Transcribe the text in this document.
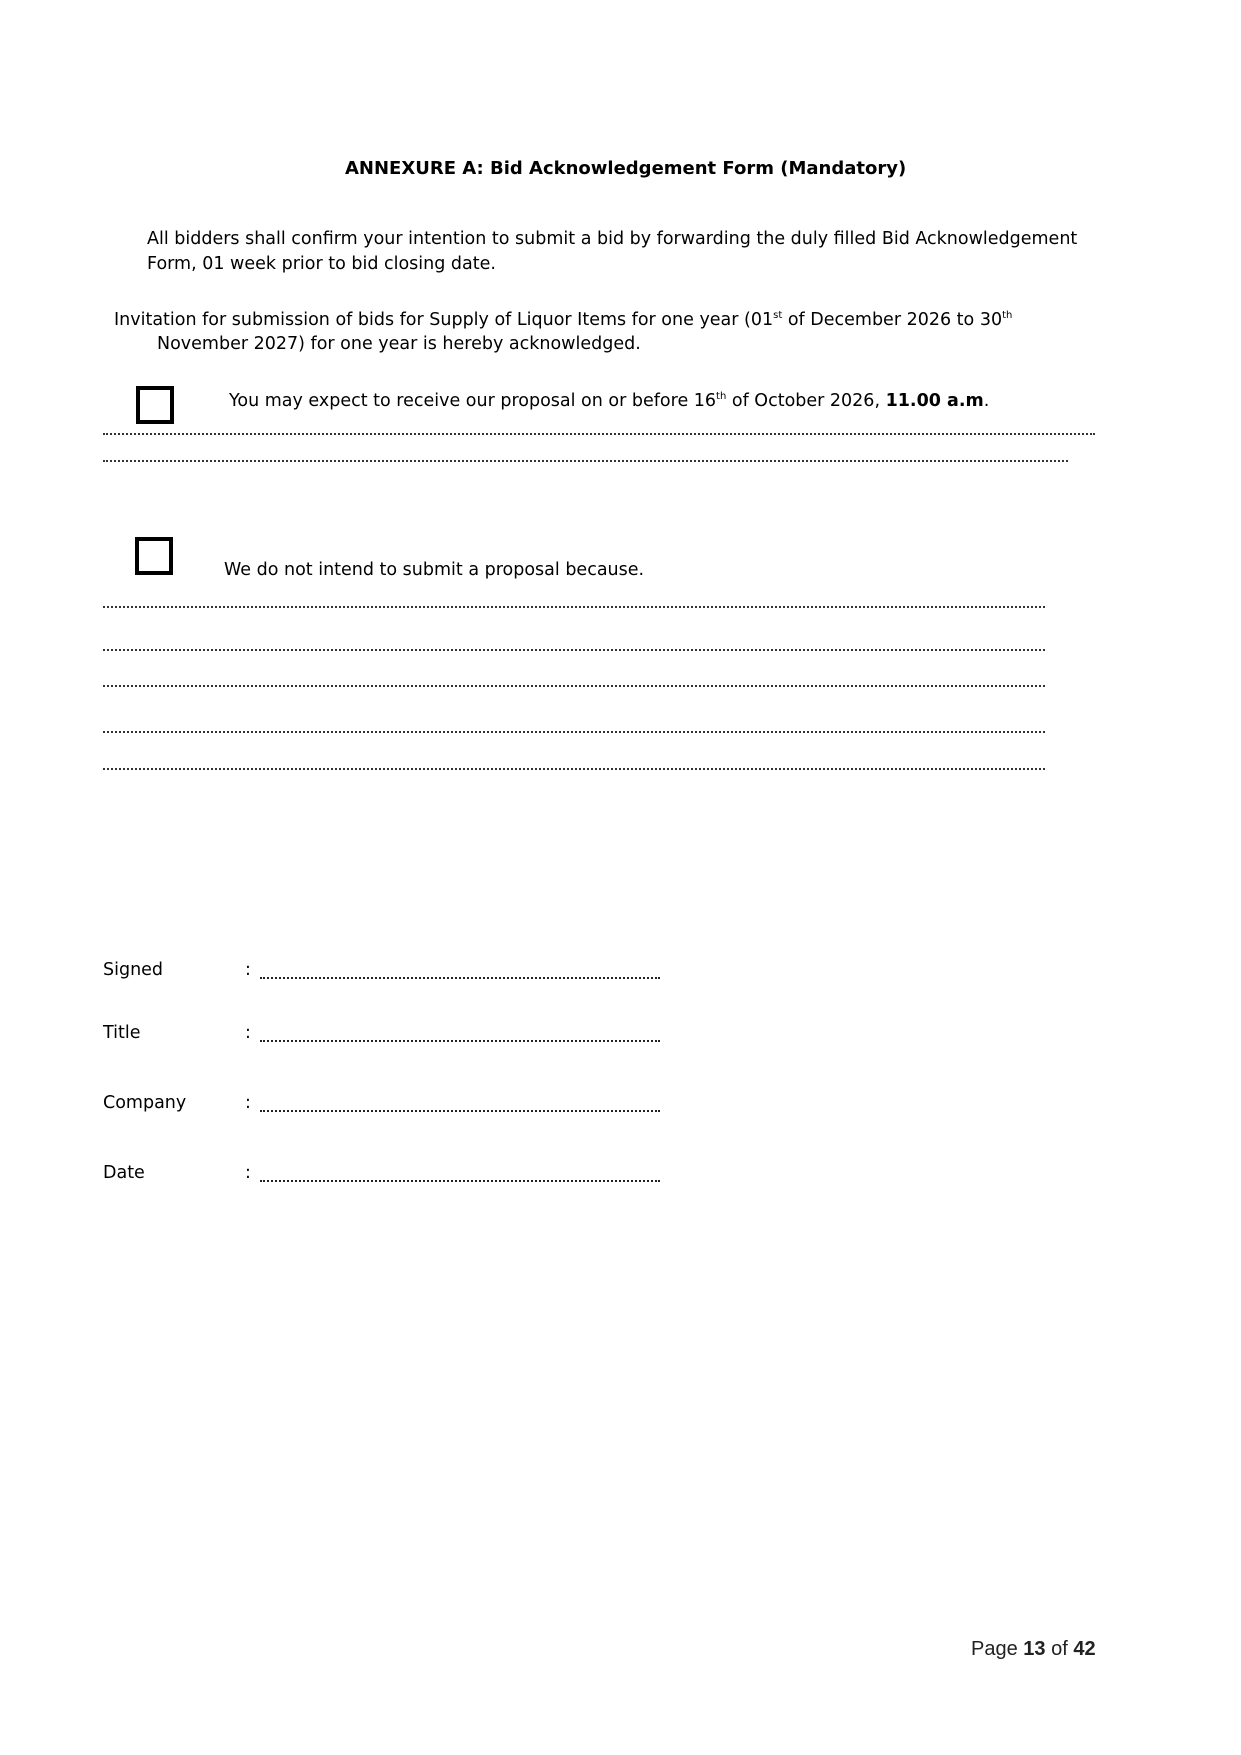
ANNEXURE A: Bid Acknowledgement Form (Mandatory)
All bidders shall confirm your intention to submit a bid by forwarding the duly filled Bid Acknowledgement
Form, 01 week prior to bid closing date.
Invitation for submission of bids for Supply of Liquor Items for one year (01st of December 2026 to 30th
November 2027) for one year is hereby acknowledged.
You may expect to receive our proposal on or before 16th of October 2026, 11.00 a.m.
We do not intend to submit a proposal because.
Signed	:
Title	:
Company	:
Date	:
Page 13 of 42
